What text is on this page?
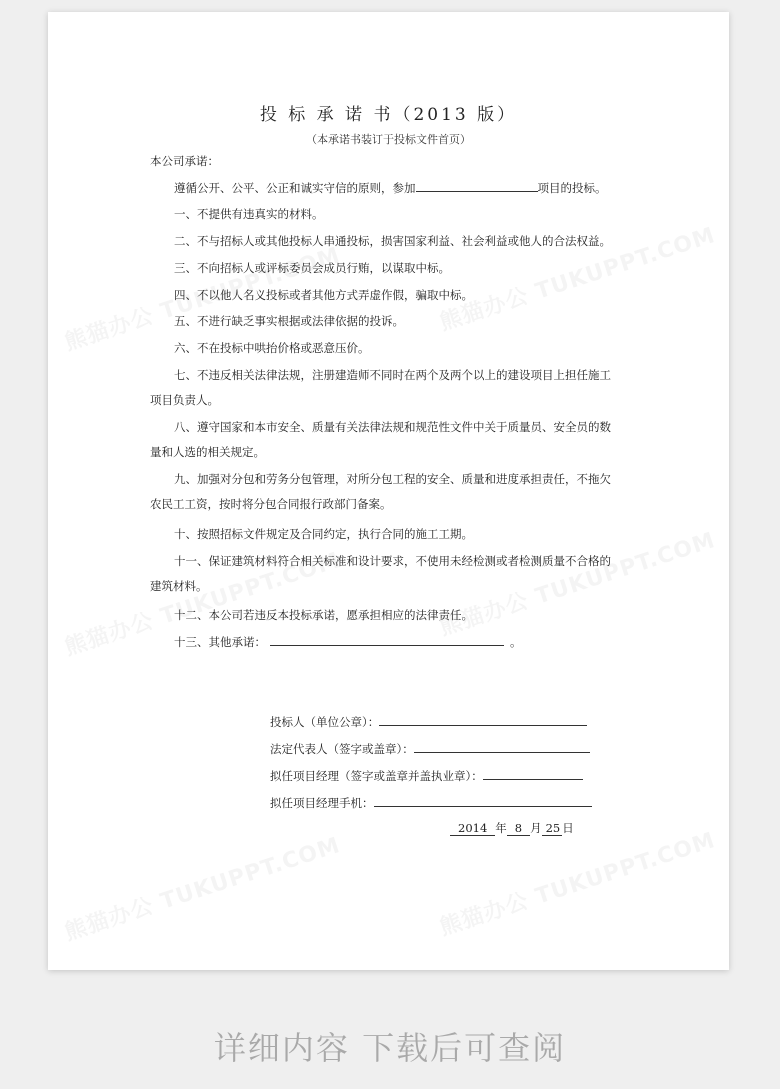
投 标 承 诺 书（2013 版）
（本承诺书装订于投标文件首页）
本公司承诺：
遵循公开、公平、公正和诚实守信的原则，参加	项目的投标。
一、不提供有违真实的材料。
二、不与招标人或其他投标人串通投标，损害国家利益、社会利益或他人的合法权益。
三、不向招标人或评标委员会成员行贿，以谋取中标。
四、不以他人名义投标或者其他方式弄虚作假，骗取中标。
五、不进行缺乏事实根据或法律依据的投诉。
六、不在投标中哄抬价格或恶意压价。
七、不违反相关法律法规，注册建造师不同时在两个及两个以上的建设项目上担任施工
项目负责人。
八、遵守国家和本市安全、质量有关法律法规和规范性文件中关于质量员、安全员的数
量和人选的相关规定。
九、加强对分包和劳务分包管理，对所分包工程的安全、质量和进度承担责任，不拖欠
农民工工资，按时将分包合同报行政部门备案。
十、按照招标文件规定及合同约定，执行合同的施工工期。
十一、保证建筑材料符合相关标准和设计要求，不使用未经检测或者检测质量不合格的
建筑材料。
十二、本公司若违反本投标承诺，愿承担相应的法律责任。
十三、其他承诺：	。
投标人（单位公章）：
法定代表人（签字或盖章）：
拟任项目经理（签字或盖章并盖执业章）：
拟任项目经理手机：
2014 年 8 月 25 日
详细内容 下载后可查阅
